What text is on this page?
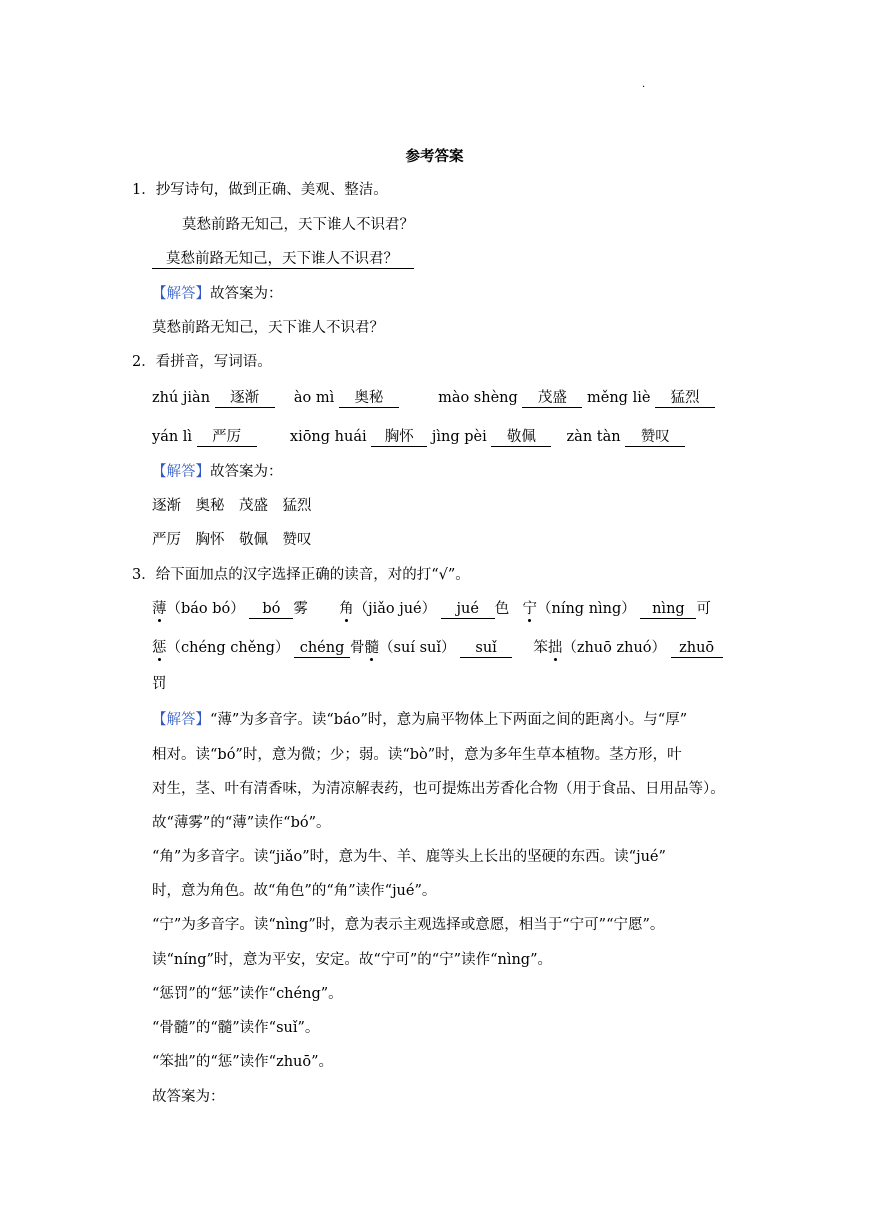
·
参考答案
1．抄写诗句，做到正确、美观、整洁。
莫愁前路无知己，天下谁人不识君？
莫愁前路无知己，天下谁人不识君？
【解答】故答案为：
莫愁前路无知己，天下谁人不识君？
2．看拼音，写词语。
zhú jiàn 逐渐 ào mì 奥秘	mào shèng 茂盛 měng liè 猛烈
yán lì 严厉	xiōng huái 胸怀 jìng pèi 敬佩 zàn tàn 赞叹
【解答】故答案为：
逐渐　奥秘　茂盛　猛烈
严厉　胸怀　敬佩　赞叹
3．给下面加点的汉字选择正确的读音，对的打“√”。
薄（báo bó） bó 雾 角（jiǎo jué） jué 色 宁（níng nìng） nìng 可
惩（chéng chěng） chéng 骨髓（suí suǐ） suǐ	笨拙（zhuō zhuó） zhuō
罚
【解答】“薄”为多音字。读“báo”时，意为扁平物体上下两面之间的距离小。与“厚”
相对。读“bó”时，意为微；少；弱。读“bò”时，意为多年生草本植物。茎方形，叶
对生，茎、叶有清香味，为清凉解表药，也可提炼出芳香化合物（用于食品、日用品等）。
故“薄雾”的“薄”读作“bó”。
“角”为多音字。读“jiǎo”时，意为牛、羊、鹿等头上长出的坚硬的东西。读“jué”
时，意为角色。故“角色”的“角”读作“jué”。
“宁”为多音字。读“nìng”时，意为表示主观选择或意愿，相当于“宁可”“宁愿”。
读“níng”时，意为平安，安定。故“宁可”的“宁”读作“nìng”。
“惩罚”的“惩”读作“chéng”。
“骨髓”的“髓”读作“suǐ”。
“笨拙”的“惩”读作“zhuō”。
故答案为：
